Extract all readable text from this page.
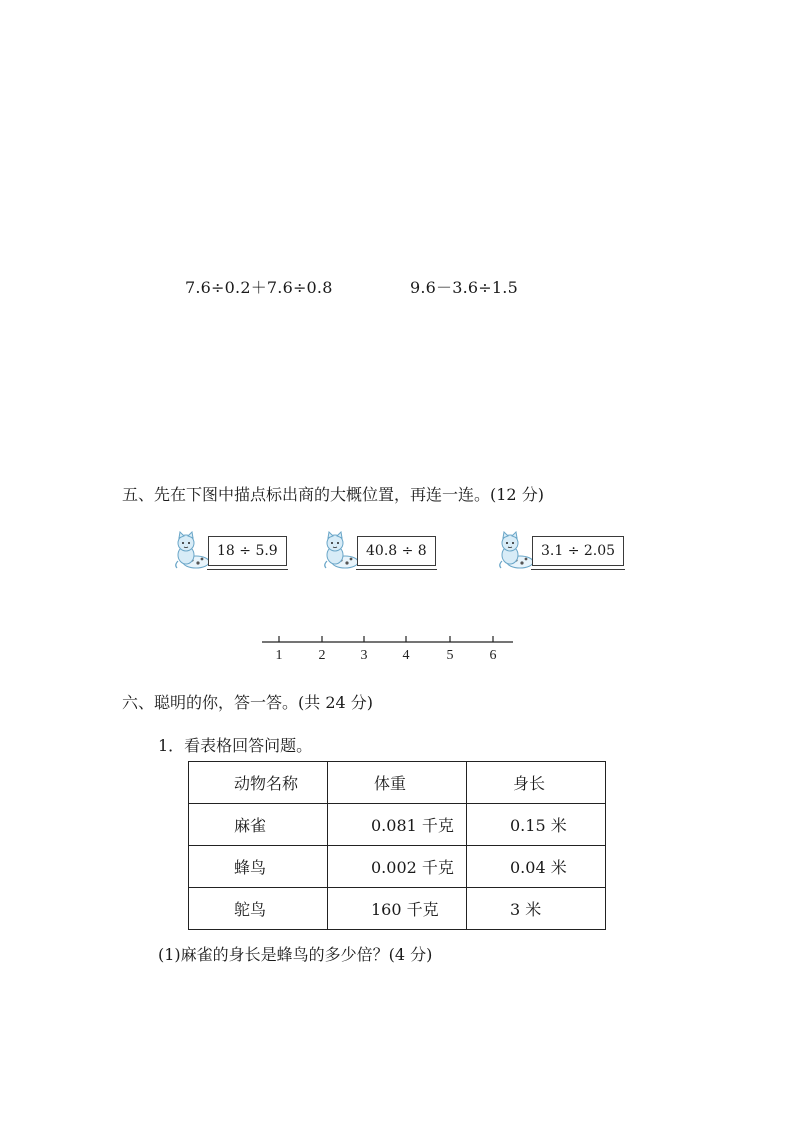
7.6÷0.2＋7.6÷0.8	9.6－3.6÷1.5
五、先在下图中描点标出商的大概位置，再连一连。(12 分)
18 ÷ 5.9	40.8 ÷ 8	3.1 ÷ 2.05
1	2	3	4	5	6
六、聪明的你，答一答。(共 24 分)
1．看表格回答问题。
动物名称	体重	身长

麻雀	0.081 千克	0.15 米

蜂鸟	0.002 千克	0.04 米

鸵鸟	160 千克	3 米
(1)麻雀的身长是蜂鸟的多少倍？(4 分)
